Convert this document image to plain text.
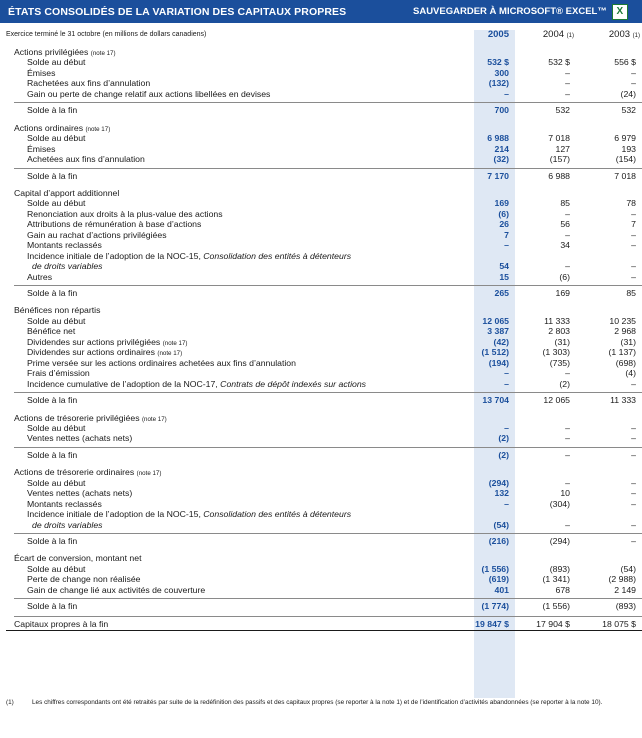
ÉTATS CONSOLIDÉS DE LA VARIATION DES CAPITAUX PROPRES	SAUVEGARDER À MICROSOFT® EXCEL™ X
Exercice terminé le 31 octobre (en millions de dollars canadiens)	2005	2004 (1)	2003 (1)
Actions privilégiées (note 17)
Solde au début	532 $	532 $	556 $
Émises	300	–	–
Rachetées aux fins d’annulation	(132)	–	–
Gain ou perte de change relatif aux actions libellées en devises	–	–	(24)
Solde à la fin	700	532	532
Actions ordinaires (note 17)
Solde au début	6 988	7 018	6 979
Émises	214	127	193
Achetées aux fins d’annulation	(32)	(157)	(154)
Solde à la fin	7 170	6 988	7 018
Capital d’apport additionnel
Solde au début	169	85	78
Renonciation aux droits à la plus-value des actions	(6)	–	–
Attributions de rémunération à base d’actions	26	56	7
Gain au rachat d’actions privilégiées	7	–	–
Montants reclassés	–	34	–
Incidence initiale de l’adoption de la NOC-15, Consolidation des entités à détenteurs
de droits variables	54	–	–
Autres	15	(6)	–
Solde à la fin	265	169	85
Bénéfices non répartis
Solde au début	12 065	11 333	10 235
Bénéfice net	3 387	2 803	2 968
Dividendes sur actions privilégiées (note 17)	(42)	(31)	(31)
Dividendes sur actions ordinaires (note 17)	(1 512)	(1 303)	(1 137)
Prime versée sur les actions ordinaires achetées aux fins d’annulation	(194)	(735)	(698)
Frais d’émission	–	–	(4)
Incidence cumulative de l’adoption de la NOC-17, Contrats de dépôt indexés sur actions	–	(2)	–
Solde à la fin	13 704	12 065	11 333
Actions de trésorerie privilégiées (note 17)
Solde au début	–	–	–
Ventes nettes (achats nets)	(2)	–	–
Solde à la fin	(2)	–	–
Actions de trésorerie ordinaires (note 17)
Solde au début	(294)	–	–
Ventes nettes (achats nets)	132	10	–
Montants reclassés	–	(304)	–
Incidence initiale de l’adoption de la NOC-15, Consolidation des entités à détenteurs
de droits variables	(54)	–	–
Solde à la fin	(216)	(294)	–
Écart de conversion, montant net
Solde au début	(1 556)	(893)	(54)
Perte de change non réalisée	(619)	(1 341)	(2 988)
Gain de change lié aux activités de couverture	401	678	2 149
Solde à la fin	(1 774)	(1 556)	(893)
Capitaux propres à la fin	19 847 $	17 904 $	18 075 $
(1)	Les chiffres correspondants ont été retraités par suite de la redéfinition des passifs et des capitaux propres (se reporter à la note 1) et de l’identification d’activités abandonnées (se reporter à la note 10).
